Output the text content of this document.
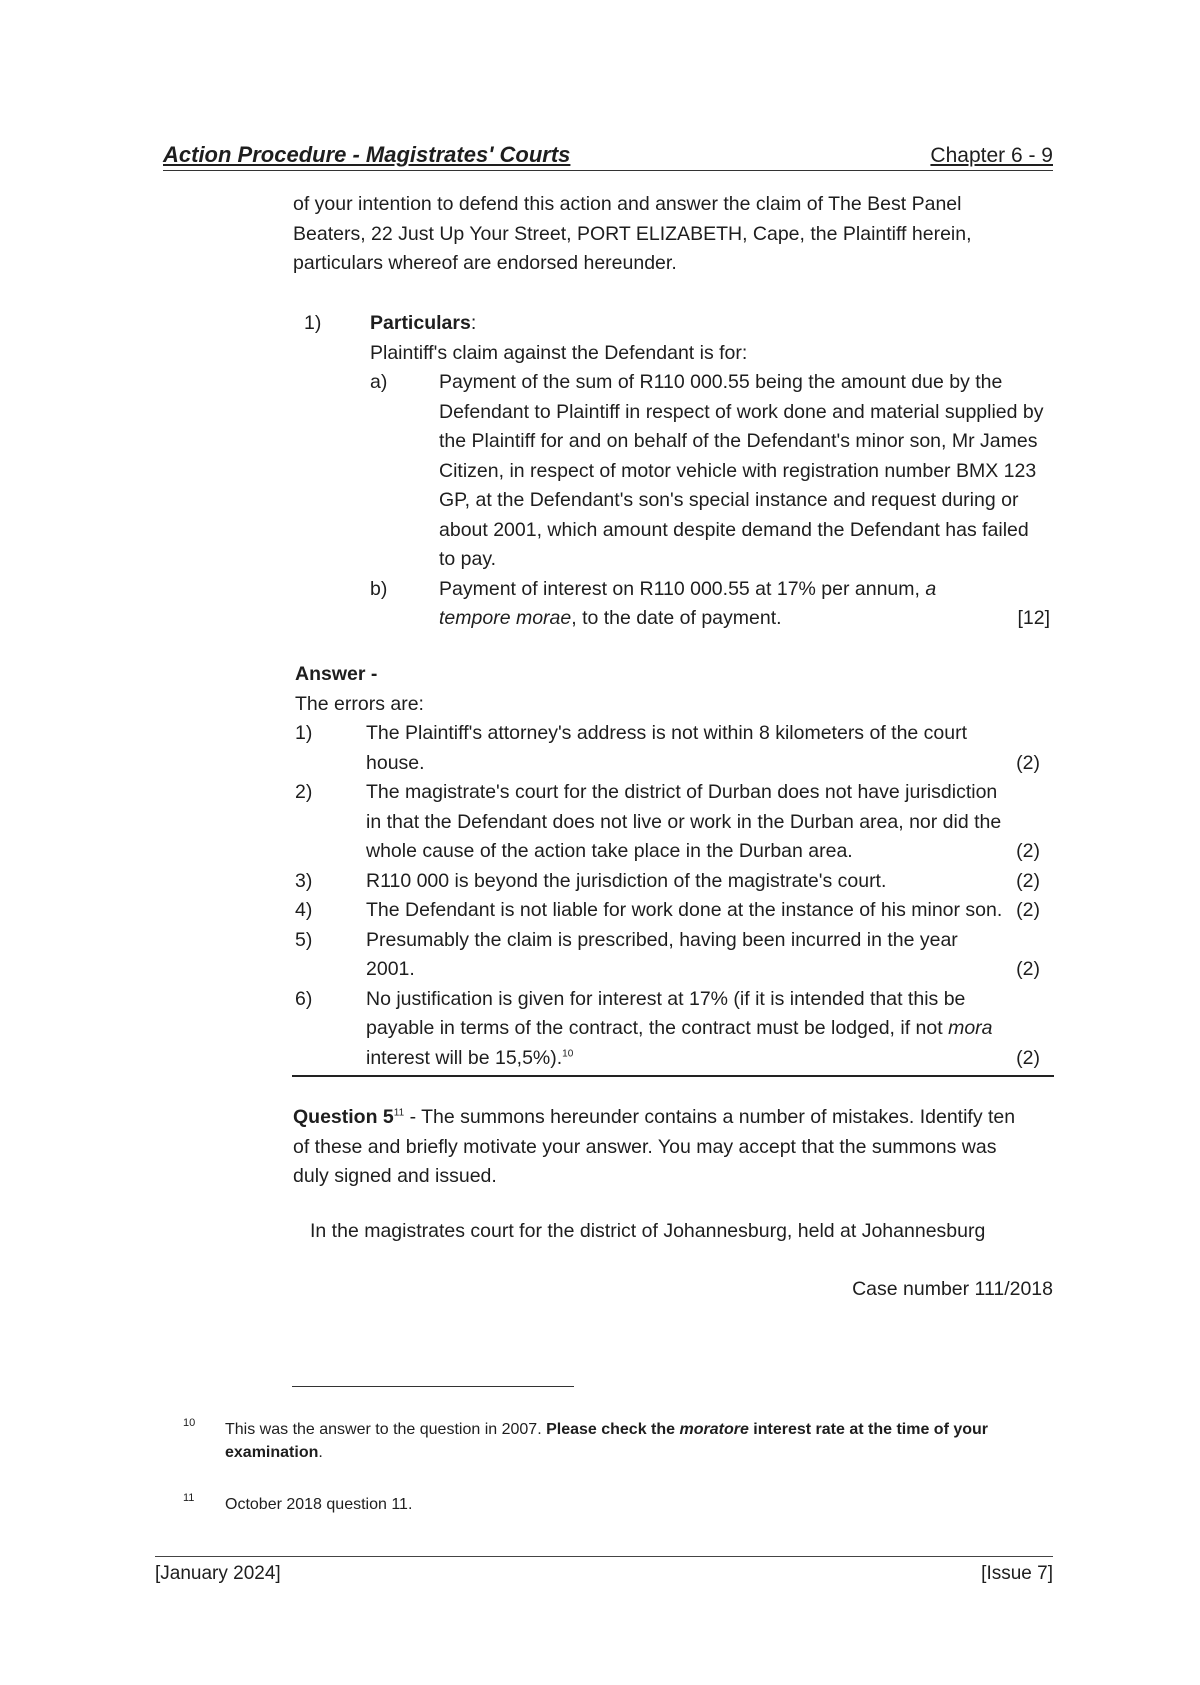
Action Procedure - Magistrates' Courts	Chapter 6 - 9
of your intention to defend this action and answer the claim of The Best Panel Beaters, 22 Just Up Your Street, PORT ELIZABETH, Cape, the Plaintiff herein, particulars whereof are endorsed hereunder.
1) Particulars:
Plaintiff's claim against the Defendant is for:
a)	Payment of the sum of R110 000.55 being the amount due by the Defendant to Plaintiff in respect of work done and material supplied by the Plaintiff for and on behalf of the Defendant's minor son, Mr James Citizen, in respect of motor vehicle with registration number BMX 123 GP, at the Defendant's son's special instance and request during or about 2001, which amount despite demand the Defendant has failed to pay.
b)	Payment of interest on R110 000.55 at 17% per annum, a tempore morae, to the date of payment.	[12]
Answer -
The errors are:
1)	The Plaintiff's attorney's address is not within 8 kilometers of the court house.	(2)
2)	The magistrate's court for the district of Durban does not have jurisdiction in that the Defendant does not live or work in the Durban area, nor did the whole cause of the action take place in the Durban area.	(2)
3)	R110 000 is beyond the jurisdiction of the magistrate's court.	(2)
4)	The Defendant is not liable for work done at the instance of his minor son. (2)
5)	Presumably the claim is prescribed, having been incurred in the year 2001.	(2)
6)	No justification is given for interest at 17% (if it is intended that this be payable in terms of the contract, the contract must be lodged, if not mora interest will be 15,5%).$^{10}$	(2)
Question $5^{11}$ - The summons hereunder contains a number of mistakes. Identify ten of these and briefly motivate your answer. You may accept that the summons was duly signed and issued.
In the magistrates court for the district of Johannesburg, held at Johannesburg
Case number 111/2018
10 This was the answer to the question in 2007. Please check the moratore interest rate at the time of your examination.
11 October 2018 question 11.
[January 2024]	[Issue 7]
